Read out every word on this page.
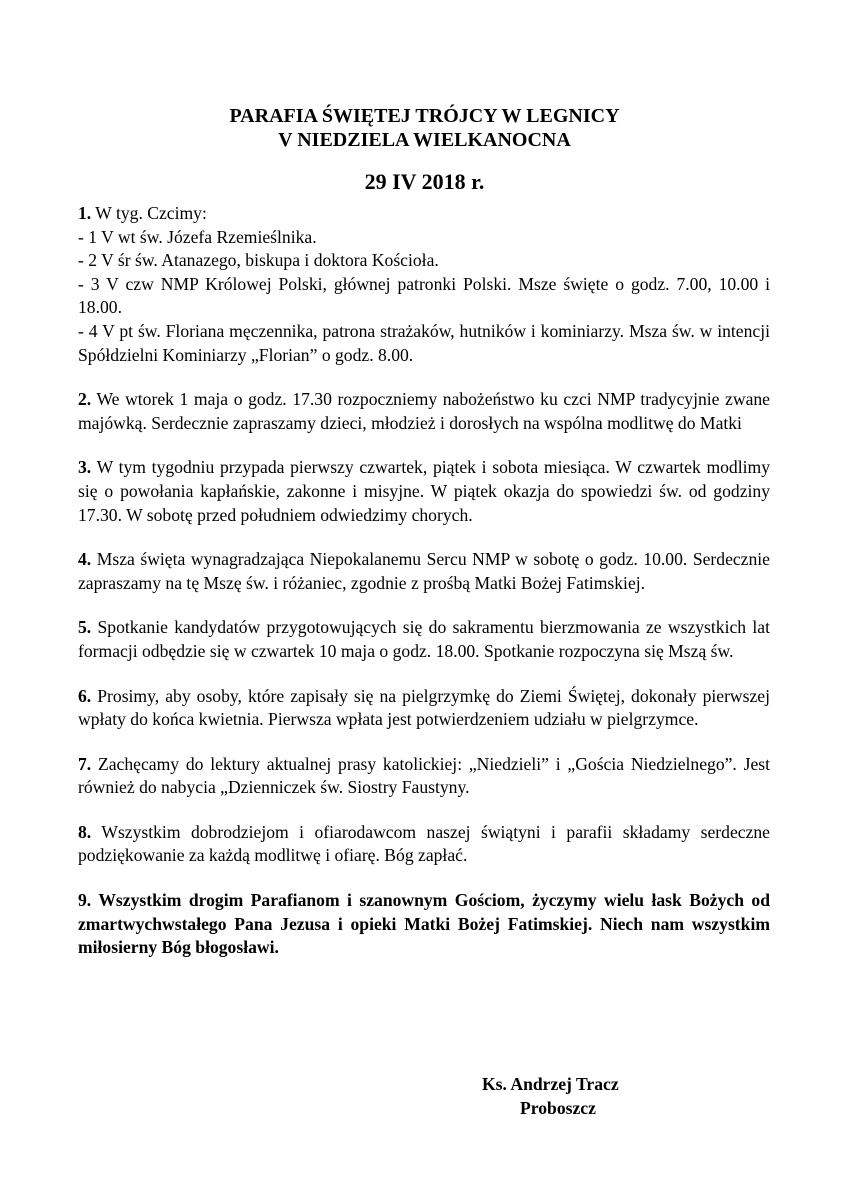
PARAFIA ŚWIĘTEJ TRÓJCY W LEGNICY
V NIEDZIELA WIELKANOCNA
29 IV 2018 r.

1. W tyg. Czcimy:

- 1 V wt św. Józefa Rzemieślnika.

- 2 V śr św. Atanazego, biskupa i doktora Kościoła.

- 3 V czw NMP Królowej Polski, głównej patronki Polski. Msze święte o godz. 7.00, 10.00 i 18.00.

- 4 V pt św. Floriana męczennika, patrona strażaków, hutników i kominiarzy. Msza św. w intencji Spółdzielni Kominiarzy „Florian” o godz. 8.00.

2. We wtorek 1 maja o godz. 17.30 rozpoczniemy nabożeństwo ku czci NMP tradycyjnie zwane majówką. Serdecznie zapraszamy dzieci, młodzież i dorosłych na wspólna modlitwę do Matki

3. W tym tygodniu przypada pierwszy czwartek, piątek i sobota miesiąca. W czwartek modlimy się o powołania kapłańskie, zakonne i misyjne. W piątek okazja do spowiedzi św. od godziny 17.30. W sobotę przed południem odwiedzimy chorych.

4. Msza święta wynagradzająca Niepokalanemu Sercu NMP w sobotę o godz. 10.00. Serdecznie zapraszamy na tę Mszę św. i różaniec, zgodnie z prośbą Matki Bożej Fatimskiej.

5. Spotkanie kandydatów przygotowujących się do sakramentu bierzmowania ze wszystkich lat formacji odbędzie się w czwartek 10 maja o godz. 18.00. Spotkanie rozpoczyna się Mszą św.

6. Prosimy, aby osoby, które zapisały się na pielgrzymkę do Ziemi Świętej, dokonały pierwszej wpłaty do końca kwietnia. Pierwsza wpłata jest potwierdzeniem udziału w pielgrzymce.

7. Zachęcamy do lektury aktualnej prasy katolickiej: „Niedzieli” i „Gościa Niedzielnego”. Jest również do nabycia „Dzienniczek św. Siostry Faustyny.

8. Wszystkim dobrodziejom i ofiarodawcom naszej świątyni i parafii składamy serdeczne podziękowanie za każdą modlitwę i ofiarę. Bóg zapłać.

9. Wszystkim drogim Parafianom i szanownym Gościom, życzymy wielu łask Bożych od zmartwychwstałego Pana Jezusa i opieki Matki Bożej Fatimskiej. Niech nam wszystkim miłosierny Bóg błogosławi.

Ks. Andrzej Tracz
Proboszcz
